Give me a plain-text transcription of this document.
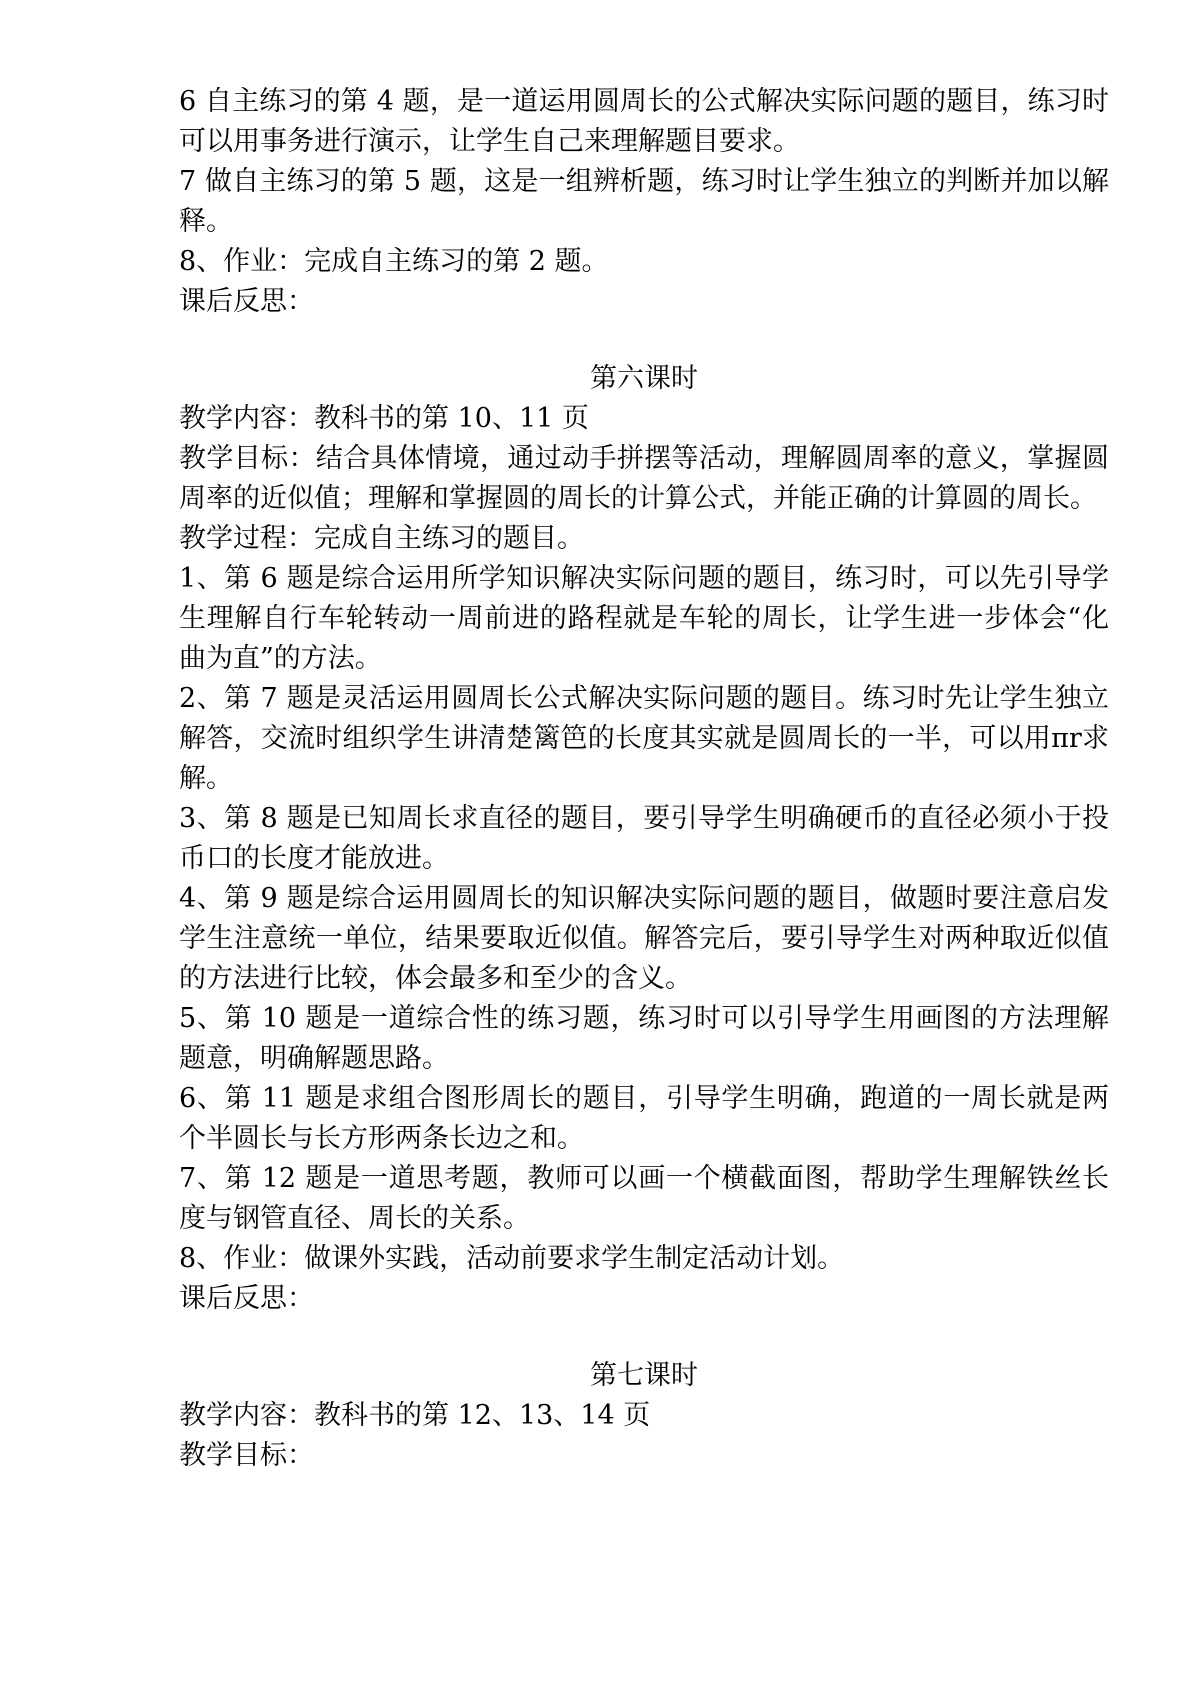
6 自主练习的第 4 题，是一道运用圆周长的公式解决实际问题的题目，练习时可以用事务进行演示，让学生自己来理解题目要求。

7 做自主练习的第 5 题，这是一组辨析题，练习时让学生独立的判断并加以解释。

8、作业：完成自主练习的第 2 题。

课后反思：

第六课时

教学内容：教科书的第 10、11 页

教学目标：结合具体情境，通过动手拼摆等活动，理解圆周率的意义，掌握圆周率的近似值；理解和掌握圆的周长的计算公式，并能正确的计算圆的周长。

教学过程：完成自主练习的题目。

1、第 6 题是综合运用所学知识解决实际问题的题目，练习时，可以先引导学生理解自行车轮转动一周前进的路程就是车轮的周长，让学生进一步体会“化曲为直”的方法。

2、第 7 题是灵活运用圆周长公式解决实际问题的题目。练习时先让学生独立解答，交流时组织学生讲清楚篱笆的长度其实就是圆周长的一半，可以用πr求解。

3、第 8 题是已知周长求直径的题目，要引导学生明确硬币的直径必须小于投币口的长度才能放进。

4、第 9 题是综合运用圆周长的知识解决实际问题的题目，做题时要注意启发学生注意统一单位，结果要取近似值。解答完后，要引导学生对两种取近似值的方法进行比较，体会最多和至少的含义。

5、第 10 题是一道综合性的练习题，练习时可以引导学生用画图的方法理解题意，明确解题思路。

6、第 11 题是求组合图形周长的题目，引导学生明确，跑道的一周长就是两个半圆长与长方形两条长边之和。

7、第 12 题是一道思考题，教师可以画一个横截面图，帮助学生理解铁丝长度与钢管直径、周长的关系。

8、作业：做课外实践，活动前要求学生制定活动计划。

课后反思：

第七课时

教学内容：教科书的第 12、13、14 页

教学目标：
